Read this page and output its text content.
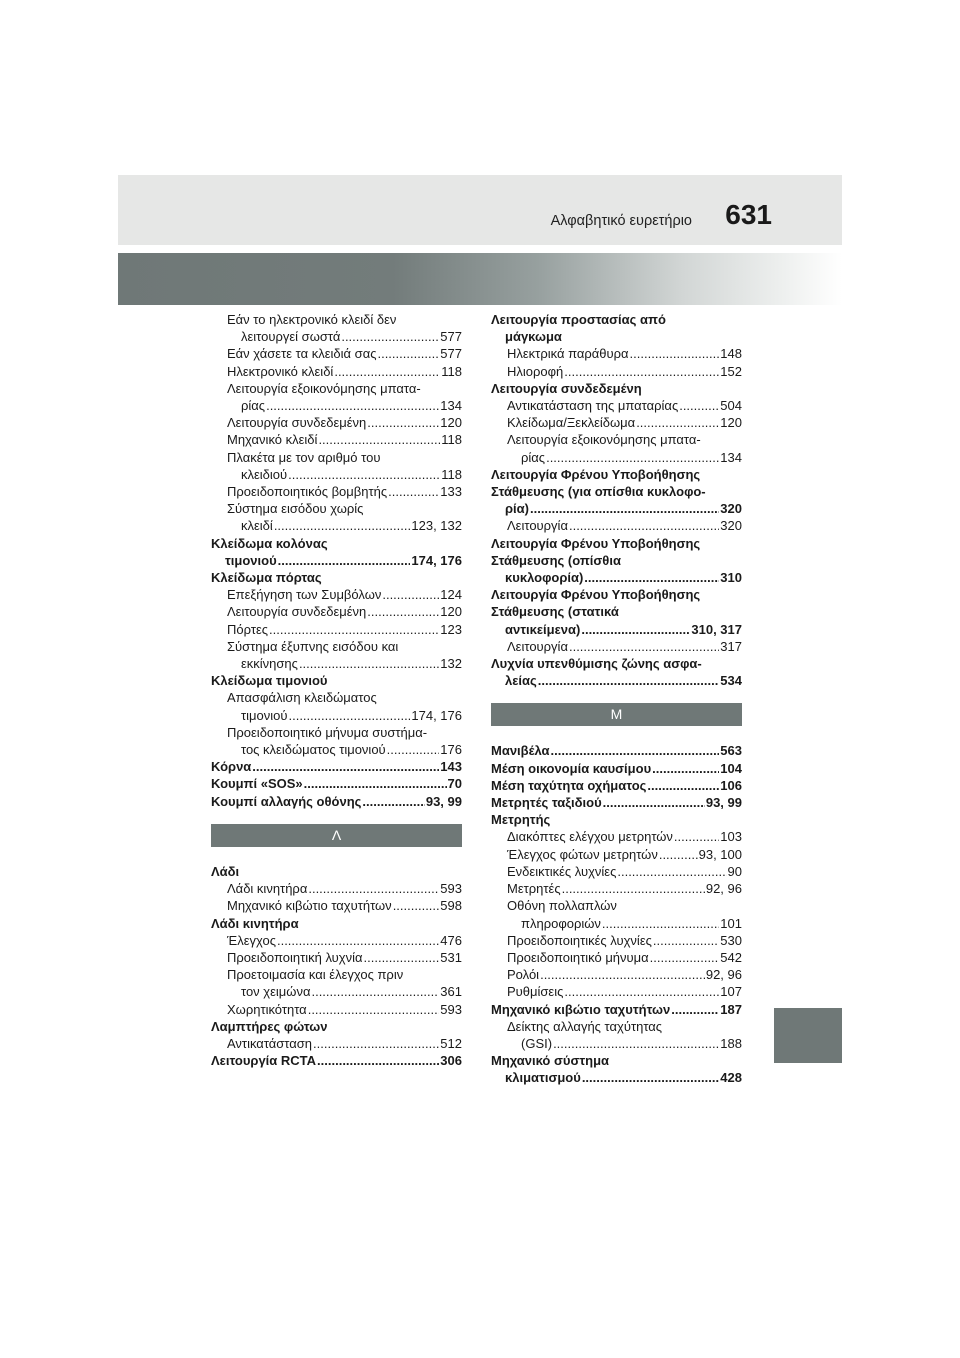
Αλφαβητικό ευρετήριο 631
Εάν το ηλεκτρονικό κλειδί δεν
λειτουργεί σωστά .....	577
Εάν χάσετε τα κλειδιά σας .....	577
Ηλεκτρονικό κλειδί .....	118
Λειτουργία εξοικονόμησης μπατα-
ρίας .....	134
Λειτουργία συνδεδεμένη .....	120
Μηχανικό κλειδί .....	118
Πλακέτα με τον αριθμό του
κλειδιού .....	118
Προειδοποιητικός βομβητής .....	133
Σύστημα εισόδου χωρίς
κλειδί .....	123, 132
Κλείδωμα κολόνας
τιμονιού .....	174, 176
Κλείδωμα πόρτας
Επεξήγηση των Συμβόλων .....	124
Λειτουργία συνδεδεμένη .....	120
Πόρτες .....	123
Σύστημα έξυπνης εισόδου και
εκκίνησης .....	132
Κλείδωμα τιμονιού
Απασφάλιση κλειδώματος
τιμονιού .....	174, 176
Προειδοποιητικό μήνυμα συστήμα-
τος κλειδώματος τιμονιού .....	176
Κόρνα .....	143
Κουμπί «SOS» .....	70
Κουμπί αλλαγής οθόνης .....	93, 99
Λ
Λάδι
Λάδι κινητήρα .....	593
Μηχανικό κιβώτιο ταχυτήτων .....	598
Λάδι κινητήρα
Έλεγχος .....	476
Προειδοποιητική λυχνία .....	531
Προετοιμασία και έλεγχος πριν
τον χειμώνα .....	361
Χωρητικότητα .....	593
Λαμπτήρες φώτων
Αντικατάσταση .....	512
Λειτουργία RCTA .....	306
Λειτουργία προστασίας από
μάγκωμα
Ηλεκτρικά παράθυρα .....	148
Ηλιοροφή .....	152
Λειτουργία συνδεδεμένη
Αντικατάσταση της μπαταρίας .....	504
Κλείδωμα/Ξεκλείδωμα .....	120
Λειτουργία εξοικονόμησης μπατα-
ρίας .....	134
Λειτουργία Φρένου Υποβοήθησης
Στάθμευσης (για οπίσθια κυκλοφο-
ρία) .....	320
Λειτουργία .....	320
Λειτουργία Φρένου Υποβοήθησης
Στάθμευσης (οπίσθια
κυκλοφορία) .....	310
Λειτουργία Φρένου Υποβοήθησης
Στάθμευσης (στατικά
αντικείμενα) .....	310, 317
Λειτουργία .....	317
Λυχνία υπενθύμισης ζώνης ασφα-
λείας .....	534
Μ
Μανιβέλα .....	563
Μέση οικονομία καυσίμου .....	104
Μέση ταχύτητα οχήματος .....	106
Μετρητές ταξιδιού .....	93, 99
Μετρητής
Διακόπτες ελέγχου μετρητών .....	103
Έλεγχος φώτων μετρητών .....	93, 100
Ενδεικτικές λυχνίες .....	90
Μετρητές .....	92, 96
Οθόνη πολλαπλών
πληροφοριών .....	101
Προειδοποιητικές λυχνίες .....	530
Προειδοποιητικό μήνυμα .....	542
Ρολόι .....	92, 96
Ρυθμίσεις .....	107
Μηχανικό κιβώτιο ταχυτήτων .....	187
Δείκτης αλλαγής ταχύτητας
(GSI) .....	188
Μηχανικό σύστημα
κλιματισμού .....	428
